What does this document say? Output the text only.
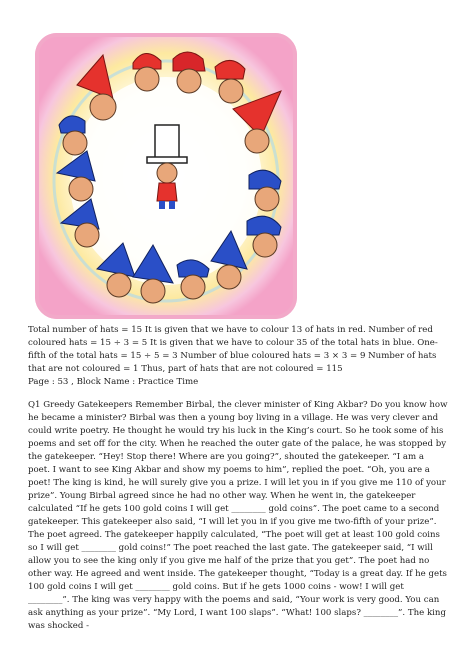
Total number of hats = 15 It is given that we have to colour 13 of hats in red. Number of red coloured hats = 15 ÷ 3 = 5 It is given that we have to colour 35 of the total hats in blue. One-fifth of the total hats = 15 ÷ 5 = 3 Number of blue coloured hats = 3 × 3 = 9 Number of hats that are not coloured = 1 Thus, part of hats that are not coloured = 115

Page : 53 , Block Name : Practice Time

Q1 Greedy Gatekeepers Remember Birbal, the clever minister of King Akbar? Do you know how he became a minister? Birbal was then a young boy living in a village. He was very clever and could write poetry. He thought he would try his luck in the King’s court. So he took some of his poems and set off for the city. When he reached the outer gate of the palace, he was stopped by the gatekeeper. “Hey! Stop there! Where are you going?”, shouted the gatekeeper. “I am a poet. I want to see King Akbar and show my poems to him”, replied the poet. “Oh, you are a poet! The king is kind, he will surely give you a prize. I will let you in if you give me 110 of your prize”. Young Birbal agreed since he had no other way. When he went in, the gatekeeper calculated “If he gets 100 gold coins I will get ________ gold coins”. The poet came to a second gatekeeper. This gatekeeper also said, “I will let you in if you give me two-fifth of your prize”. The poet agreed. The gatekeeper happily calculated, “The poet will get at least 100 gold coins so I will get ________ gold coins!” The poet reached the last gate. The gatekeeper said, “I will allow you to see the king only if you give me half of the prize that you get”. The poet had no other way. He agreed and went inside. The gatekeeper thought, “Today is a great day. If he gets 100 gold coins I will get ________ gold coins. But if he gets 1000 coins - wow! I will get ________”. The king was very happy with the poems and said, “Your work is very good. You can ask anything as your prize”. “My Lord, I want 100 slaps”. “What! 100 slaps? ________”. The king was shocked -
